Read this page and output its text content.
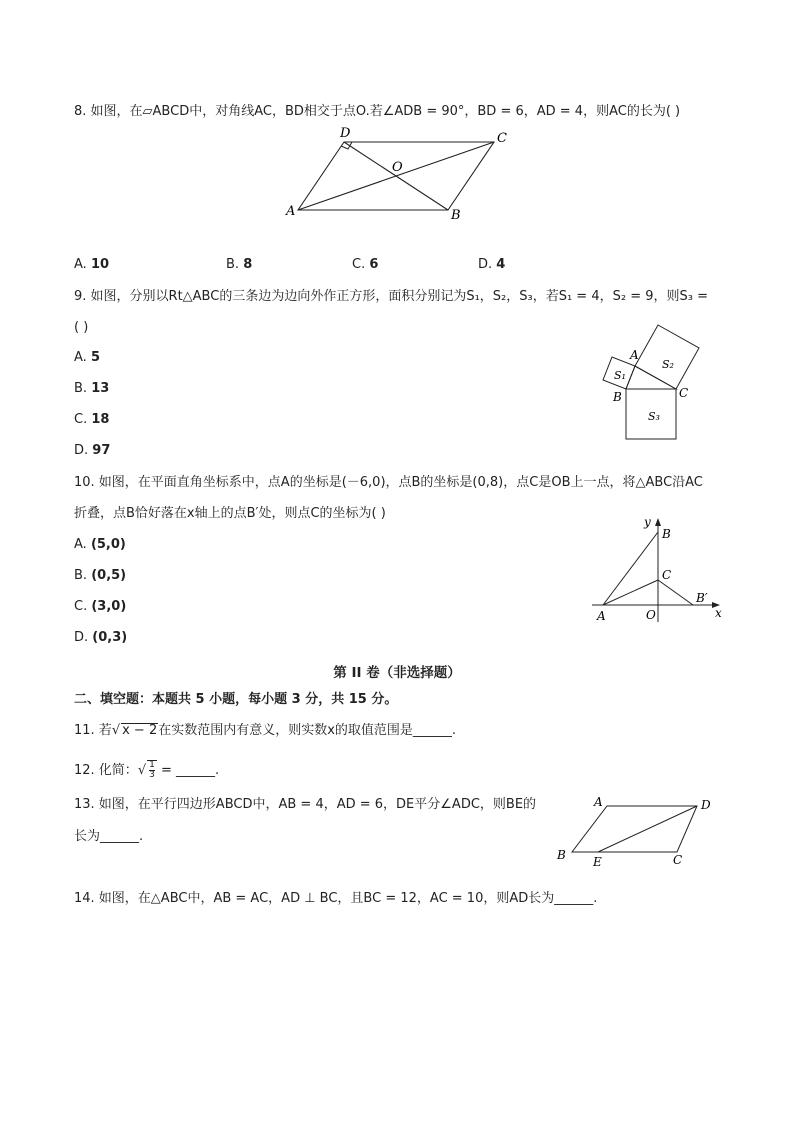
8. 如图，在▱ABCD中，对角线AC，BD相交于点O.若∠ADB = 90°，BD = 6，AD = 4，则AC的长为( )
A
D	C
B
O
A. 10	B. 8	C. 6	D. 4
9. 如图，分别以Rt△ABC的三条边为边向外作正方形，面积分别记为S₁，S₂，S₃，若S₁ = 4，S₂ = 9，则S₃ =
( )
A. 5
B. 13
C. 18
D. 97
A
B	C
S₁
S₂
S₃
10. 如图，在平面直角坐标系中，点A的坐标是(－6,0)，点B的坐标是(0,8)，点C是OB上一点，将△ABC沿AC
折叠，点B恰好落在x轴上的点B′处，则点C的坐标为( )
A. (5,0)
B. (0,5)
C. (3,0)
D. (0,3)
y
x
B
C
B′
A	O
第 II 卷（非选择题）
二、填空题：本题共 5 小题，每小题 3 分，共 15 分。
11. 若√ x − 2在实数范围内有意义，则实数x的取值范围是______.
12. 化简：√ $\frac{1}{3}$ = ______.
13. 如图，在平行四边形ABCD中，AB = 4，AD = 6，DE平分∠ADC，则BE的
长为______.
A	D
B E	C
14. 如图，在△ABC中，AB = AC，AD ⊥ BC，且BC = 12，AC = 10，则AD长为______.
